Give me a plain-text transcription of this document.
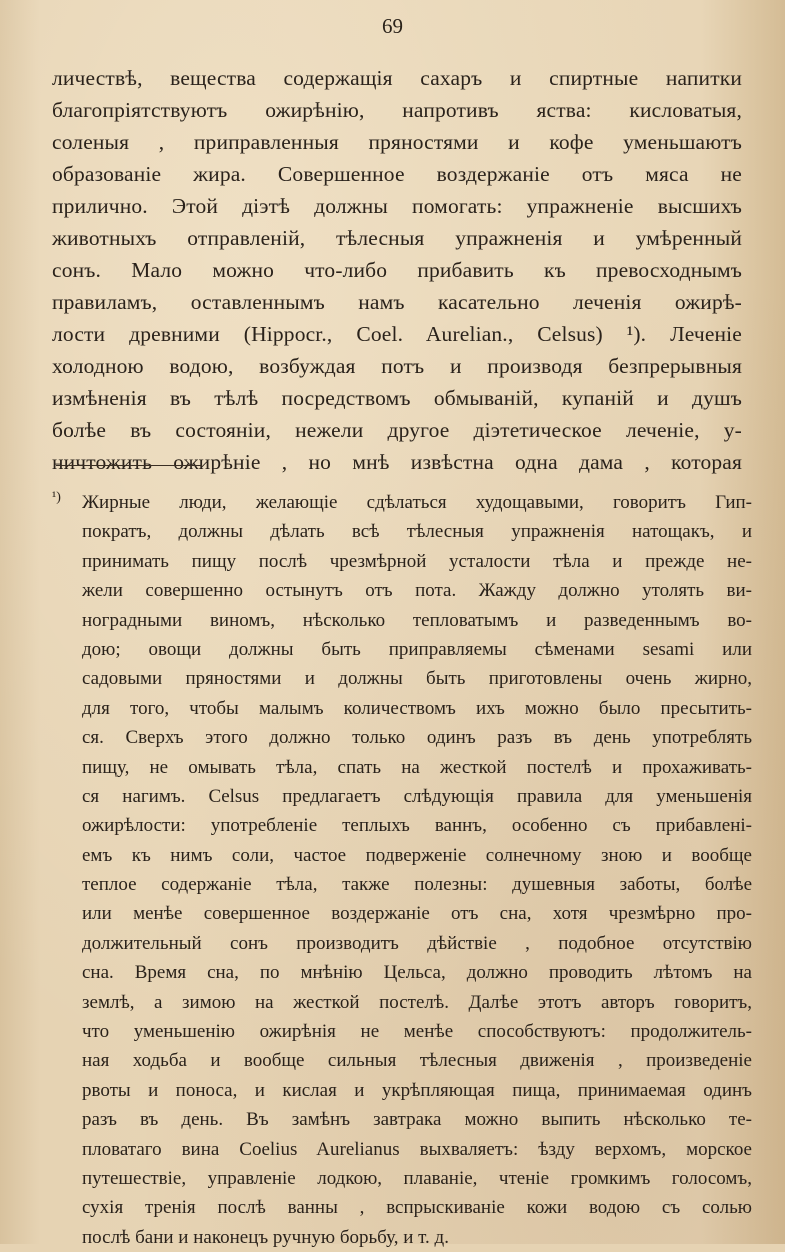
69
личествѣ, вещества содержащія сахаръ и спиртные напитки
благопріятствуютъ ожирѣнію, напротивъ яства: кисловатыя,
соленыя , приправленныя пряностями и кофе уменьшаютъ
образованіе жира. Совершенное воздержаніе отъ мяса не
прилично. Этой діэтѣ должны помогать: упражненіе высшихъ
животныхъ отправленій, тѣлесныя упражненія и умѣренный
сонъ. Мало можно что-либо прибавить къ превосходнымъ
правиламъ, оставленнымъ намъ касательно леченія ожирѣ-
лости древними (Hippocr., Coel. Aurelian., Celsus) ¹). Леченіе
холодною водою, возбуждая потъ и производя безпрерывныя
измѣненія въ тѣлѣ посредствомъ обмыванiй, купаній и душъ
болѣе въ состояніи, нежели другое діэтетическое леченіе, у-
ничтожить ожирѣніе , но мнѣ извѣстна одна дама , которая
¹)	Жирные люди, желающіе сдѣлаться худощавыми, говоритъ Гип-
пократъ, должны дѣлать всѣ тѣлесныя упражненія натощакъ, и
принимать пищу послѣ чрезмѣрной усталости тѣла и прежде не-
жели совершенно остынутъ отъ пота. Жажду должно утолять ви-
ноградными виномъ, нѣсколько тепловатымъ и разведеннымъ во-
дою; овощи должны быть приправляемы сѣменами sesami или
садовыми пряностями и должны быть приготовлены очень жирно,
для того, чтобы малымъ количествомъ ихъ можно было пресытить-
ся. Сверхъ этого должно только одинъ разъ въ день употреблять
пищу, не омывать тѣла, спать на жесткой постелѣ и прохаживать-
ся нагимъ. Celsus предлагаетъ слѣдующія правила для уменьшенія
ожирѣлости: употребленіе теплыхъ ваннъ, особенно съ прибавленi-
емъ къ нимъ соли, частое подверженіе солнечному зною и вообще
теплое содержаніе тѣла, также полезны: душевныя заботы, болѣе
или менѣе совершенное воздержаніе отъ сна, хотя чрезмѣрно про-
должительный сонъ производитъ дѣйствіе , подобное отсутствію
сна. Время сна, по мнѣнію Цельса, должно проводить лѣтомъ на
землѣ, а зимою на жесткой постелѣ. Далѣе этотъ авторъ говоритъ,
что уменьшенію ожирѣнія не менѣе способствуютъ: продолжитель-
ная ходьба и вообще сильныя тѣлесныя движенія , произведеніе
рвоты и поноса, и кислая и укрѣпляющая пища, принимаемая одинъ
разъ въ день. Въ замѣнъ завтрака можно выпить нѣсколько те-
пловатаго вина Coelius Aurelianus выхваляетъ: ѣзду верхомъ, морское
путешествіе, управленіе лодкою, плаваніе, чтеніе громкимъ голосомъ,
сухія тренія послѣ ванны , вспрыскиваніе кожи водою съ солью
послѣ бани и наконецъ ручную борьбу, и т. д.
